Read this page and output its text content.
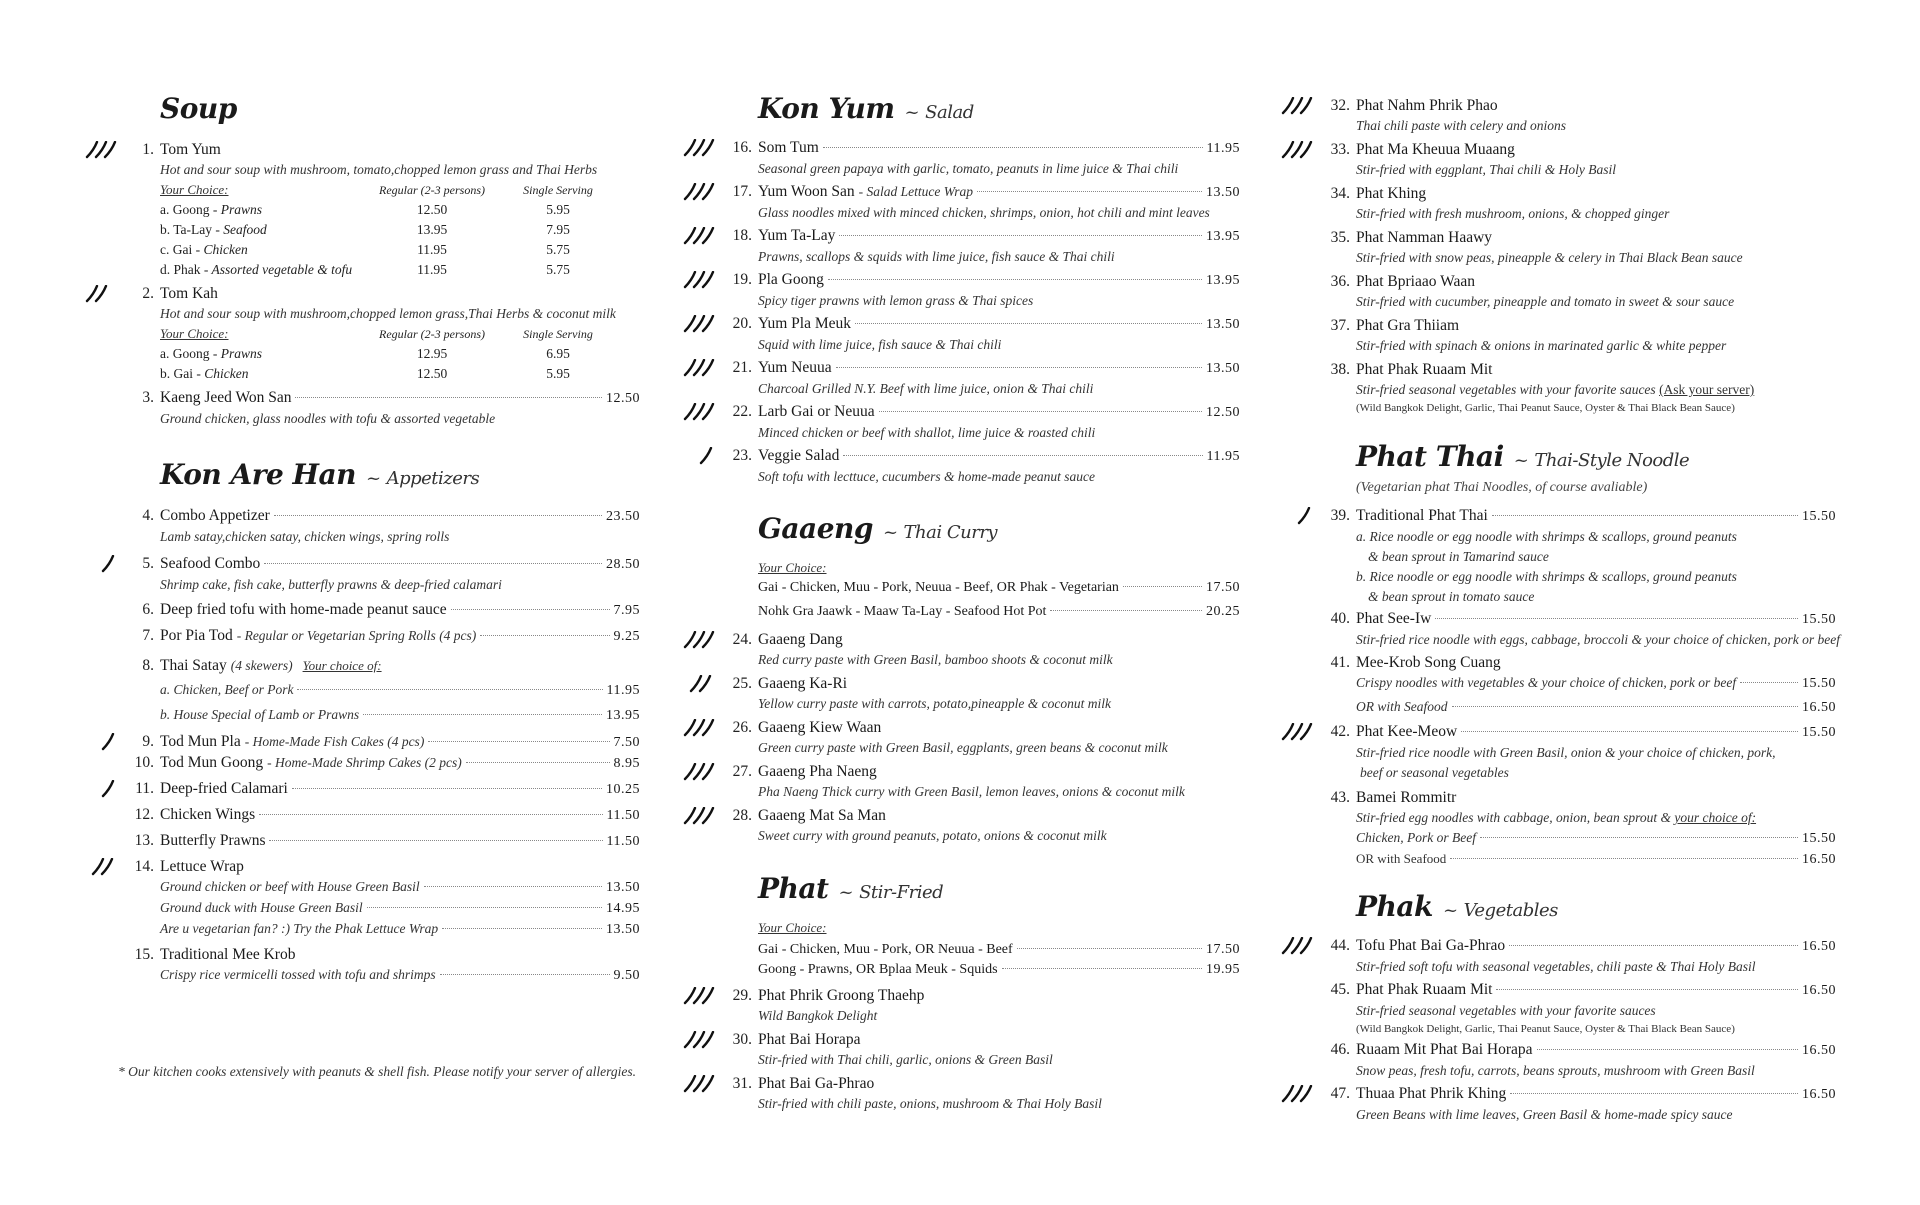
Soup
1. Tom Yum
Hot and sour soup with mushroom, tomato,chopped lemon grass and Thai Herbs
Your Choice:	Regular (2-3 persons)	Single Serving
a. Goong - Prawns	12.50	5.95
b. Ta-Lay - Seafood	13.95	7.95
c. Gai - Chicken	11.95	5.75
d. Phak - Assorted vegetable & tofu	11.95	5.75
2. Tom Kah
Hot and sour soup with mushroom,chopped lemon grass,Thai Herbs & coconut milk
Your Choice:	Regular (2-3 persons)	Single Serving
a. Goong - Prawns	12.95	6.95
b. Gai - Chicken	12.50	5.95
3. Kaeng Jeed Won San	12.50
Ground chicken, glass noodles with tofu & assorted vegetable
Kon Are Han ~ Appetizers
4. Combo Appetizer	23.50
Lamb satay,chicken satay, chicken wings, spring rolls
5. Seafood Combo	28.50
Shrimp cake, fish cake, butterfly prawns & deep-fried calamari
6. Deep fried tofu with home-made peanut sauce	7.95
7. Por Pia Tod - Regular or Vegetarian Spring Rolls (4 pcs)	9.25
8. Thai Satay (4 skewers) Your choice of:
a. Chicken, Beef or Pork	11.95
b. House Special of Lamb or Prawns	13.95
9. Tod Mun Pla - Home-Made Fish Cakes (4 pcs)	7.50
10. Tod Mun Goong - Home-Made Shrimp Cakes (2 pcs)	8.95
11. Deep-fried Calamari	10.25
12. Chicken Wings	11.50
13. Butterfly Prawns	11.50
14. Lettuce Wrap
Ground chicken or beef with House Green Basil	13.50
Ground duck with House Green Basil	14.95
Are u vegetarian fan? :) Try the Phak Lettuce Wrap	13.50
15. Traditional Mee Krob
Crispy rice vermicelli tossed with tofu and shrimps	9.50
* Our kitchen cooks extensively with peanuts & shell fish. Please notify your server of allergies.
Kon Yum ~ Salad
16. Som Tum	11.95
Seasonal green papaya with garlic, tomato, peanuts in lime juice & Thai chili
17. Yum Woon San - Salad Lettuce Wrap	13.50
Glass noodles mixed with minced chicken, shrimps, onion, hot chili and mint leaves
18. Yum Ta-Lay	13.95
Prawns, scallops & squids with lime juice, fish sauce & Thai chili
19. Pla Goong	13.95
Spicy tiger prawns with lemon grass & Thai spices
20. Yum Pla Meuk	13.50
Squid with lime juice, fish sauce & Thai chili
21. Yum Neuua	13.50
Charcoal Grilled N.Y. Beef with lime juice, onion & Thai chili
22. Larb Gai or Neuua	12.50
Minced chicken or beef with shallot, lime juice & roasted chili
23. Veggie Salad	11.95
Soft tofu with lecttuce, cucumbers & home-made peanut sauce
Gaaeng ~ Thai Curry
Your Choice:
Gai - Chicken, Muu - Pork, Neuua - Beef, OR Phak - Vegetarian	17.50
Nohk Gra Jaawk - Maaw Ta-Lay - Seafood Hot Pot	20.25
24. Gaaeng Dang
Red curry paste with Green Basil, bamboo shoots & coconut milk
25. Gaaeng Ka-Ri
Yellow curry paste with carrots, potato,pineapple & coconut milk
26. Gaaeng Kiew Waan
Green curry paste with Green Basil, eggplants, green beans & coconut milk
27. Gaaeng Pha Naeng
Pha Naeng Thick curry with Green Basil, lemon leaves, onions & coconut milk
28. Gaaeng Mat Sa Man
Sweet curry with ground peanuts, potato, onions & coconut milk
Phat ~ Stir-Fried
Your Choice:
Gai - Chicken, Muu - Pork, OR Neuua - Beef	17.50
Goong - Prawns, OR Bplaa Meuk - Squids	19.95
29. Phat Phrik Groong Thaehp
Wild Bangkok Delight
30. Phat Bai Horapa
Stir-fried with Thai chili, garlic, onions & Green Basil
31. Phat Bai Ga-Phrao
Stir-fried with chili paste, onions, mushroom & Thai Holy Basil
32. Phat Nahm Phrik Phao
Thai chili paste with celery and onions
33. Phat Ma Kheuua Muaang
Stir-fried with eggplant, Thai chili & Holy Basil
34. Phat Khing
Stir-fried with fresh mushroom, onions, & chopped ginger
35. Phat Namman Haawy
Stir-fried with snow peas, pineapple & celery in Thai Black Bean sauce
36. Phat Bpriaao Waan
Stir-fried with cucumber, pineapple and tomato in sweet & sour sauce
37. Phat Gra Thiiam
Stir-fried with spinach & onions in marinated garlic & white pepper
38. Phat Phak Ruaam Mit
Stir-fried seasonal vegetables with your favorite sauces (Ask your server)
(Wild Bangkok Delight, Garlic, Thai Peanut Sauce, Oyster & Thai Black Bean Sauce)
Phat Thai ~ Thai-Style Noodle
(Vegetarian phat Thai Noodles, of course avaliable)
39. Traditional Phat Thai	15.50
a. Rice noodle or egg noodle with shrimps & scallops, ground peanuts
& bean sprout in Tamarind sauce
b. Rice noodle or egg noodle with shrimps & scallops, ground peanuts
& bean sprout in tomato sauce
40. Phat See-Iw	15.50
Stir-fried rice noodle with eggs, cabbage, broccoli & your choice of chicken, pork or beef
41. Mee-Krob Song Cuang
Crispy noodles with vegetables & your choice of chicken, pork or beef	15.50
OR with Seafood	16.50
42. Phat Kee-Meow	15.50
Stir-fried rice noodle with Green Basil, onion & your choice of chicken, pork,
beef or seasonal vegetables
43. Bamei Rommitr
Stir-fried egg noodles with cabbage, onion, bean sprout & your choice of:
Chicken, Pork or Beef	15.50
OR with Seafood	16.50
Phak ~ Vegetables
44. Tofu Phat Bai Ga-Phrao	16.50
Stir-fried soft tofu with seasonal vegetables, chili paste & Thai Holy Basil
45. Phat Phak Ruaam Mit	16.50
Stir-fried seasonal vegetables with your favorite sauces
(Wild Bangkok Delight, Garlic, Thai Peanut Sauce, Oyster & Thai Black Bean Sauce)
46. Ruaam Mit Phat Bai Horapa	16.50
Snow peas, fresh tofu, carrots, beans sprouts, mushroom with Green Basil
47. Thuaa Phat Phrik Khing	16.50
Green Beans with lime leaves, Green Basil & home-made spicy sauce
